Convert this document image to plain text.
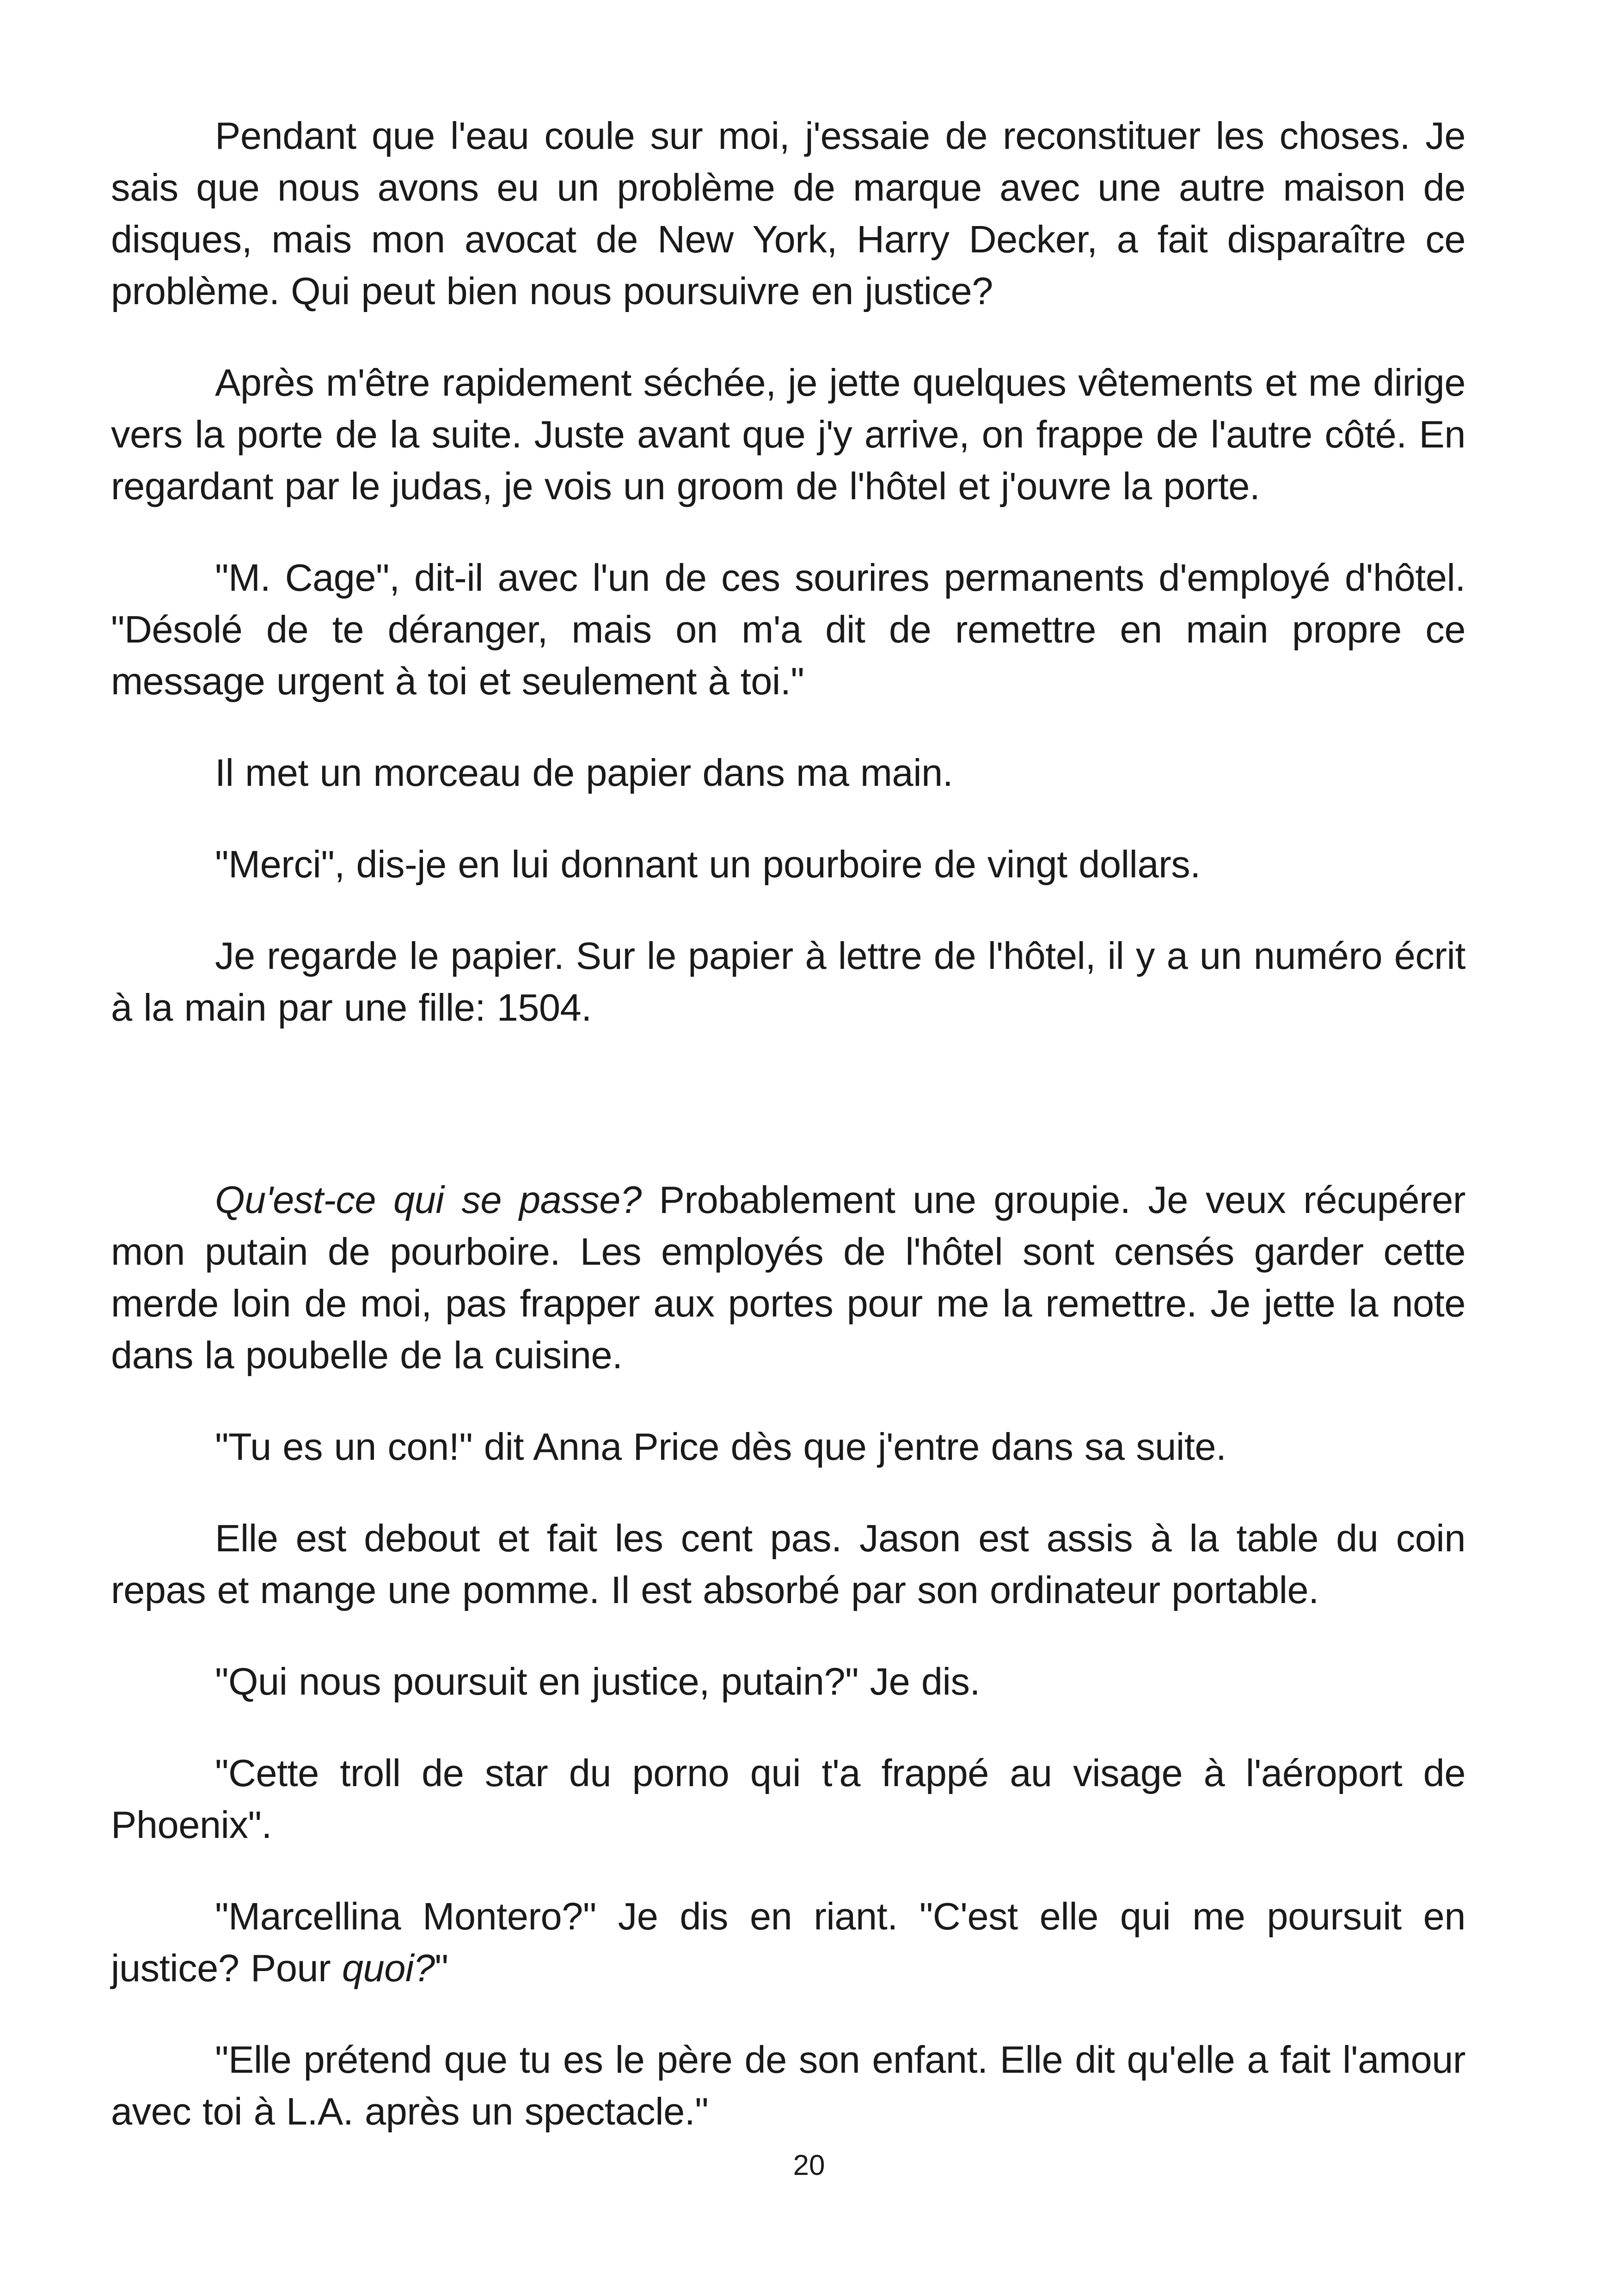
Pendant que l'eau coule sur moi, j'essaie de reconstituer les choses. Je sais que nous avons eu un problème de marque avec une autre maison de disques, mais mon avocat de New York, Harry Decker, a fait disparaître ce problème. Qui peut bien nous poursuivre en justice?

Après m'être rapidement séchée, je jette quelques vêtements et me dirige vers la porte de la suite. Juste avant que j'y arrive, on frappe de l'autre côté. En regardant par le judas, je vois un groom de l'hôtel et j'ouvre la porte.

"M. Cage", dit-il avec l'un de ces sourires permanents d'employé d'hôtel. "Désolé de te déranger, mais on m'a dit de remettre en main propre ce message urgent à toi et seulement à toi."

Il met un morceau de papier dans ma main.

"Merci", dis-je en lui donnant un pourboire de vingt dollars.

Je regarde le papier. Sur le papier à lettre de l'hôtel, il y a un numéro écrit à la main par une fille: 1504.

Qu'est-ce qui se passe? Probablement une groupie. Je veux récupérer mon putain de pourboire. Les employés de l'hôtel sont censés garder cette merde loin de moi, pas frapper aux portes pour me la remettre. Je jette la note dans la poubelle de la cuisine.

"Tu es un con!" dit Anna Price dès que j'entre dans sa suite.

Elle est debout et fait les cent pas. Jason est assis à la table du coin repas et mange une pomme. Il est absorbé par son ordinateur portable.

"Qui nous poursuit en justice, putain?" Je dis.

"Cette troll de star du porno qui t'a frappé au visage à l'aéroport de Phoenix".

"Marcellina Montero?" Je dis en riant. "C'est elle qui me poursuit en justice? Pour quoi?"

"Elle prétend que tu es le père de son enfant. Elle dit qu'elle a fait l'amour avec toi à L.A. après un spectacle."

20
